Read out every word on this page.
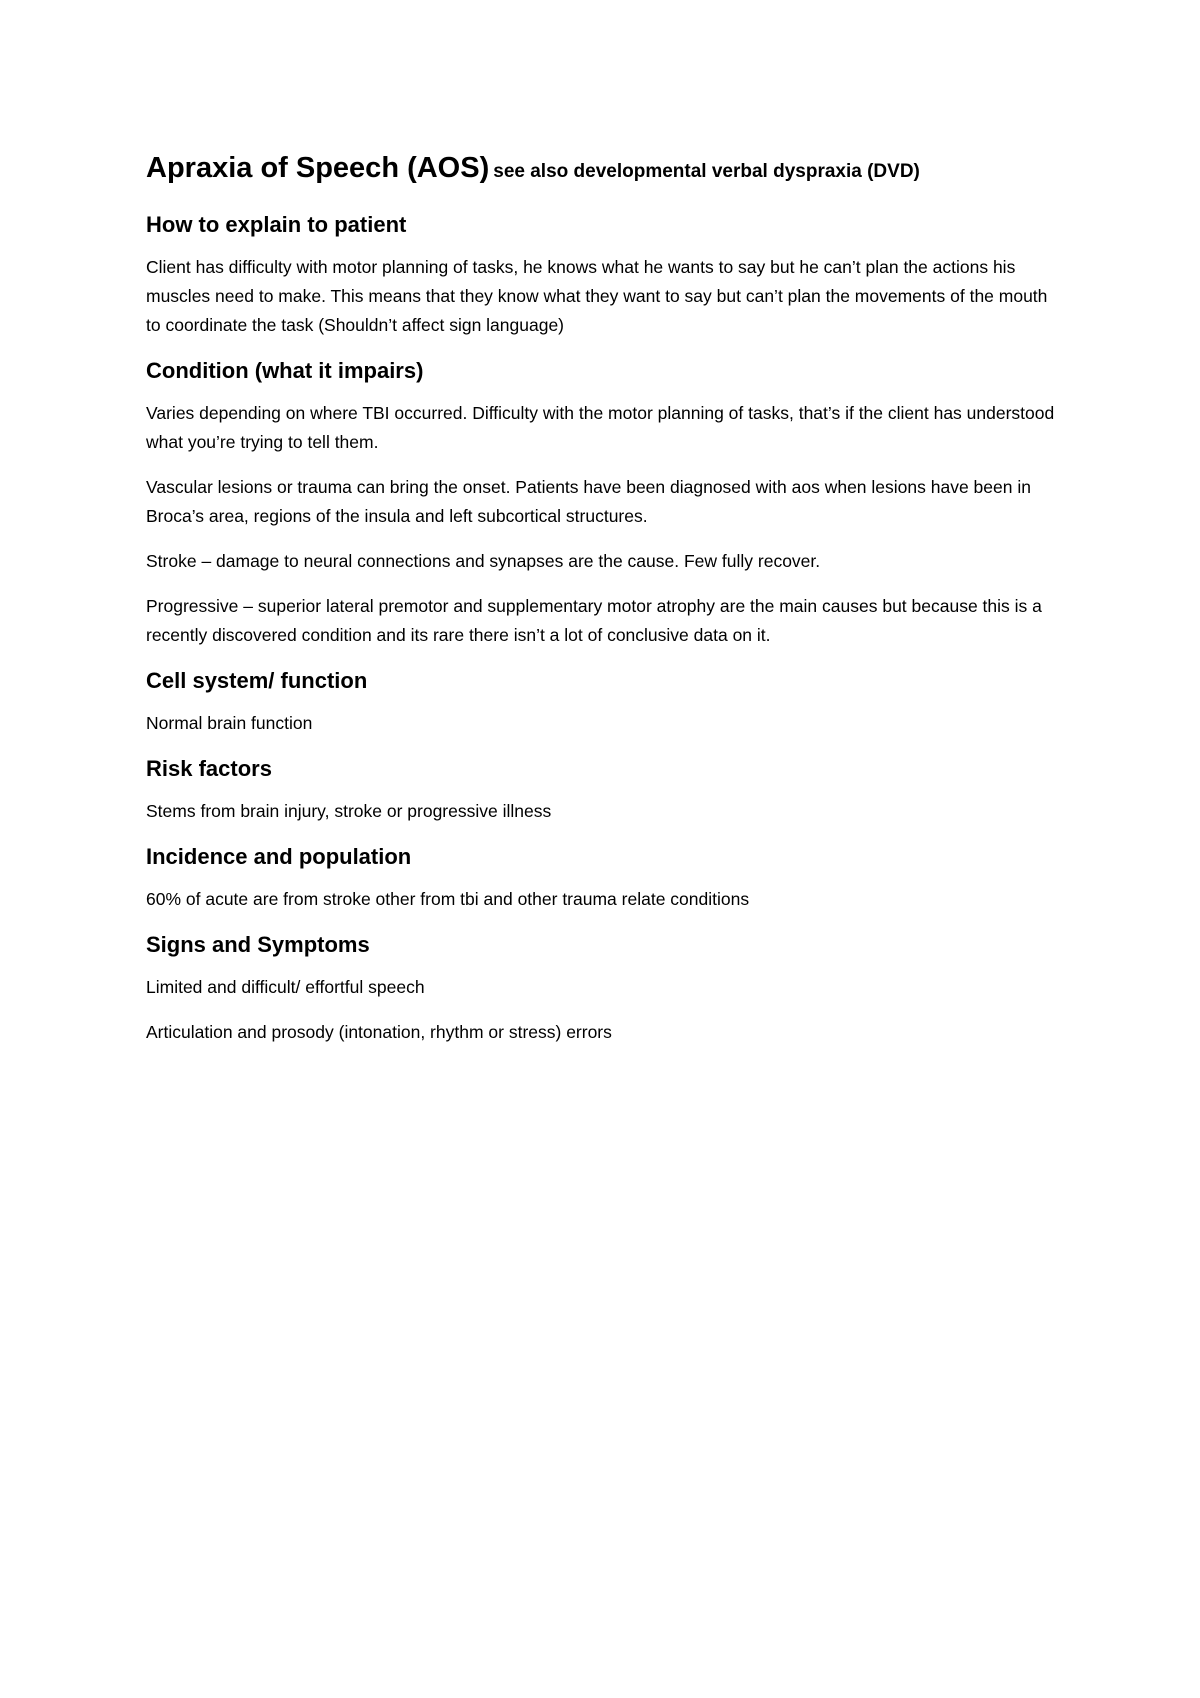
Apraxia of Speech (AOS) see also developmental verbal dyspraxia (DVD)
How to explain to patient

Client has difficulty with motor planning of tasks, he knows what he wants to say but he can’t plan the actions his muscles need to make. This means that they know what they want to say but can’t plan the movements of the mouth to coordinate the task (Shouldn’t affect sign language)

Condition (what it impairs)

Varies depending on where TBI occurred. Difficulty with the motor planning of tasks, that’s if the client has understood what you’re trying to tell them.

Vascular lesions or trauma can bring the onset. Patients have been diagnosed with aos when lesions have been in Broca’s area, regions of the insula and left subcortical structures.

Stroke – damage to neural connections and synapses are the cause. Few fully recover.

Progressive – superior lateral premotor and supplementary motor atrophy are the main causes but because this is a recently discovered condition and its rare there isn’t a lot of conclusive data on it.

Cell system/ function

Normal brain function

Risk factors

Stems from brain injury, stroke or progressive illness

Incidence and population

60% of acute are from stroke other from tbi and other trauma relate conditions

Signs and Symptoms

Limited and difficult/ effortful speech

Articulation and prosody (intonation, rhythm or stress) errors
